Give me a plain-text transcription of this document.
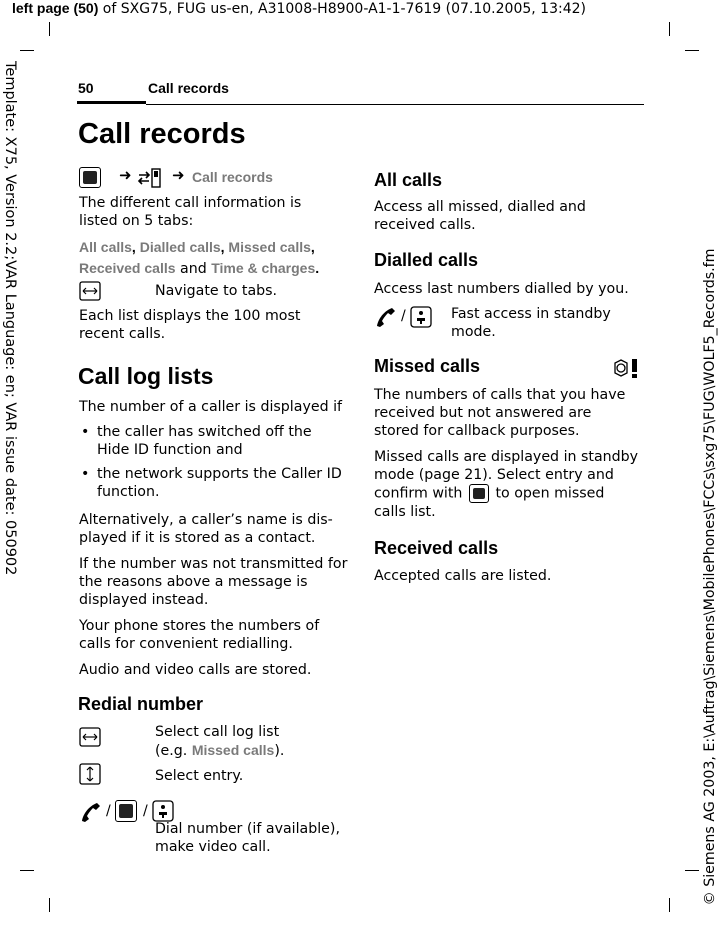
left page (50) of SXG75, FUG us-en, A31008-H8900-A1-1-7619 (07.10.2005, 13:42)
Template: X75, Version 2.2;VAR Language: en; VAR issue date: 050902	© Siemens AG 2003, E:\Auftrag\Siemens\MobilePhones\FCCs\sxg75\FUG\WOLF5_Records.fm
50	Call records
Call records
➜	➜ Call records
The different call information is listed on 5 tabs:
All calls, Dialled calls, Missed calls,
Received calls and Time & charges.
Navigate to tabs.
Each list displays the 100 most recent calls.
Call log lists
The number of a caller is displayed if
• the caller has switched off the Hide ID function and
• the network supports the Caller ID function.
Alternatively, a caller’s name is dis-played if it is stored as a contact.
If the number was not transmitted for the reasons above a message is displayed instead.
Your phone stores the numbers of calls for convenient redialling.
Audio and video calls are stored.
Redial number
Select call log list
(e.g. Missed calls).
Select entry.
/ /
Dial number (if available), make video call.
All calls
Access all missed, dialled and received calls.
Dialled calls
Access last numbers dialled by you.
/	Fast access in standby mode.
Missed calls
The numbers of calls that you have received but not answered are stored for callback purposes.
Missed calls are displayed in standby mode (page 21). Select entry and confirm with
to open missed calls list.
Received calls
Accepted calls are listed.
